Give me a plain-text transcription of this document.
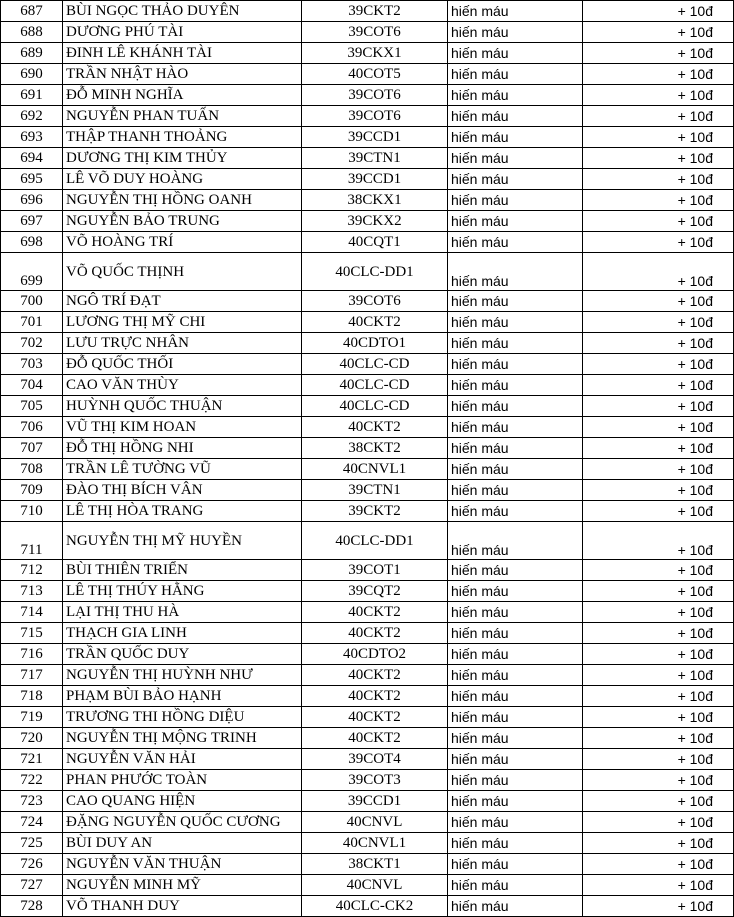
687	BÙI NGỌC THẢO DUYÊN	39CKT2	hiến máu	+ 10đ
688	DƯƠNG PHÚ TÀI	39COT6	hiến máu	+ 10đ
689	ĐINH LÊ KHÁNH TÀI	39CKX1	hiến máu	+ 10đ
690	TRẦN NHẬT HÀO	40COT5	hiến máu	+ 10đ
691	ĐỖ MINH NGHĨA	39COT6	hiến máu	+ 10đ
692	NGUYỄN PHAN TUẤN	39COT6	hiến máu	+ 10đ
693	THẬP THANH THOẢNG	39CCD1	hiến máu	+ 10đ
694	DƯƠNG THỊ KIM THỦY	39CTN1	hiến máu	+ 10đ
695	LÊ VÕ DUY HOÀNG	39CCD1	hiến máu	+ 10đ
696	NGUYỄN THỊ HỒNG OANH	38CKX1	hiến máu	+ 10đ
697	NGUYỄN BẢO TRUNG	39CKX2	hiến máu	+ 10đ
698	VÕ HOÀNG TRÍ	40CQT1	hiến máu	+ 10đ
699	VÕ QUỐC THỊNH	40CLC-DD1	hiến máu	+ 10đ
700	NGÔ TRÍ ĐẠT	39COT6	hiến máu	+ 10đ
701	LƯƠNG THỊ MỸ CHI	40CKT2	hiến máu	+ 10đ
702	LƯU TRỰC NHÂN	40CDTO1	hiến máu	+ 10đ
703	ĐỖ QUỐC THỐI	40CLC-CD	hiến máu	+ 10đ
704	CAO VĂN THÙY	40CLC-CD	hiến máu	+ 10đ
705	HUỲNH QUỐC THUẬN	40CLC-CD	hiến máu	+ 10đ
706	VŨ THỊ KIM HOAN	40CKT2	hiến máu	+ 10đ
707	ĐỖ THỊ HỒNG NHI	38CKT2	hiến máu	+ 10đ
708	TRẦN LÊ TƯỜNG VŨ	40CNVL1	hiến máu	+ 10đ
709	ĐÀO THỊ BÍCH VÂN	39CTN1	hiến máu	+ 10đ
710	LÊ THỊ HÒA TRANG	39CKT2	hiến máu	+ 10đ
711	NGUYỄN THỊ MỸ HUYỀN	40CLC-DD1	hiến máu	+ 10đ
712	BÙI THIÊN TRIỂN	39COT1	hiến máu	+ 10đ
713	LÊ THỊ THÚY HẰNG	39CQT2	hiến máu	+ 10đ
714	LẠI THỊ THU HÀ	40CKT2	hiến máu	+ 10đ
715	THẠCH GIA LINH	40CKT2	hiến máu	+ 10đ
716	TRẦN QUỐC DUY	40CDTO2	hiến máu	+ 10đ
717	NGUYỄN THỊ HUỲNH NHƯ	40CKT2	hiến máu	+ 10đ
718	PHẠM BÙI BẢO HẠNH	40CKT2	hiến máu	+ 10đ
719	TRƯƠNG THI HỒNG DIỆU	40CKT2	hiến máu	+ 10đ
720	NGUYỄN THỊ MỘNG TRINH	40CKT2	hiến máu	+ 10đ
721	NGUYỄN VĂN HẢI	39COT4	hiến máu	+ 10đ
722	PHAN PHƯỚC TOÀN	39COT3	hiến máu	+ 10đ
723	CAO QUANG HIỆN	39CCD1	hiến máu	+ 10đ
724	ĐẶNG NGUYỄN QUỐC CƯƠNG	40CNVL	hiến máu	+ 10đ
725	BÙI DUY AN	40CNVL1	hiến máu	+ 10đ
726	NGUYỄN VĂN THUẬN	38CKT1	hiến máu	+ 10đ
727	NGUYỄN MINH MỸ	40CNVL	hiến máu	+ 10đ
728	VÕ THANH DUY	40CLC-CK2	hiến máu	+ 10đ
